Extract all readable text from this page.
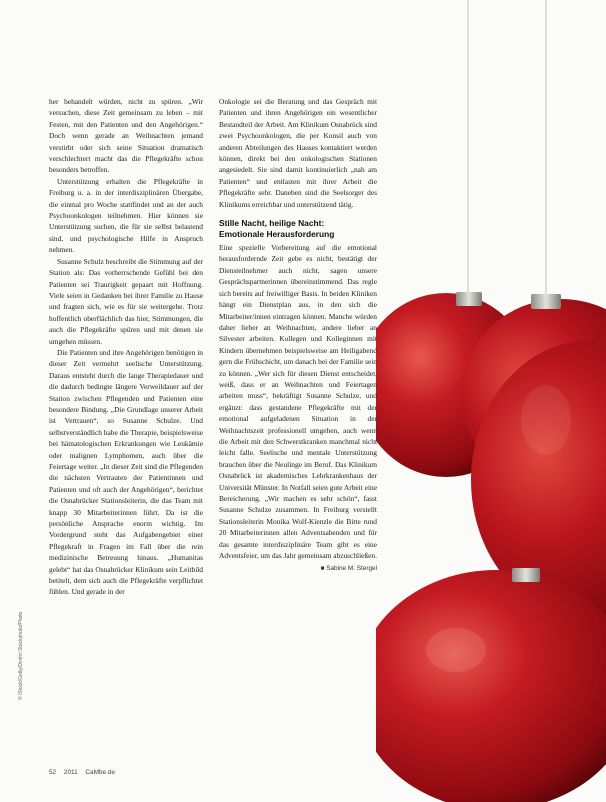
her behandelt würden, nicht zu spüren. „Wir versuchen, diese Zeit gemeinsam zu leben – mit Festen, mit den Patienten und den Angehörigen.“ Doch wenn gerade an Weihnachten jemand verstirbt oder sich seine Situation dramatisch verschlechtert macht das die Pflegekräfte schon besonders betroffen.

Unterstützung erhalten die Pflegekräfte in Freiburg u. a. in der interdisziplinären Übergabe, die einmal pro Woche stattfindet und an der auch Psychoonkologen teilnehmen. Hier können sie Unterstützung suchen, die für sie selbst belastend sind, und psychologische Hilfe in Anspruch nehmen.

Susanne Schulz beschreibt die Stimmung auf der Station als: Das vorherrschende Gefühl bei den Patienten sei Traurigkeit gepaart mit Hoffnung. Viele seien in Gedanken bei ihrer Familie zu Hause und fragten sich, wie es für sie weitergehe. Trotz hoffentlich oberflächlich das hier, Stimmungen, die auch die Pflegekräfte spüren und mit denen sie umgehen müssen.

Die Patienten und ihre Angehörigen benötigen in dieser Zeit vermehrt seelische Unterstützung. Daraus entsteht durch die lange Therapiedauer und die dadurch bedingte längere Verweildauer auf der Station zwischen Pflegenden und Patienten eine besondere Bindung. „Die Grundlage unserer Arbeit ist Vertrauen“, so Susanne Schulze. Und selbstverständlich habe die Therapie, beispielsweise bei hämatologischen Erkrankungen wie Leukämie oder malignen Lymphomen, auch über die Feiertage weiter. „In dieser Zeit sind die Pflegenden die nächsten Vertrauten der Patientinnen und Patienten und oft auch der Angehörigen“, berichtet die Osnabrücker Stationsleiterin, die das Team mit knapp 30 Mitarbeiterinnen führt. Da ist die persönliche Ansprache enorm wichtig. Im Vordergrund steht das Aufgabengebiet einer Pflegekraft in Fragen im Fall über die rein medizinische Betreuung hinaus. „Humanitas gelebt“ hat das Osnabrücker Klinikum sein Leitbild betitelt, dem sich auch die Pflegekräfte verpflichtet fühlen. Und gerade in der

Onkologie sei die Beratung und das Gespräch mit Patienten und ihren Angehörigen ein wesentlicher Bestandteil der Arbeit. Am Klinikum Osnabrück sind zwei Psychoonkologen, die per Konsil auch von anderen Abteilungen des Hauses kontaktiert werden können, direkt bei den onkologischen Stationen angesiedelt. Sie sind damit kontinuierlich „nah am Patienten“ und entlasten mit ihrer Arbeit die Pflegekräfte sehr. Daneben sind die Seelsorger des Klinikums erreichbar und unterstützend tätig.

Stille Nacht, heilige Nacht:
Emotionale Herausforderung

Eine spezielle Vorbereitung auf die emotional herausfordernde Zeit gebe es nicht, bestätigt der Diensteilnehmer auch nicht, sagen unsere Gesprächspartnerinnen übereinstimmend. Das regle sich bereits auf freiwilliger Basis. In beiden Kliniken hängt ein Dienstplan aus, in den sich die Mitarbeiter/innen eintragen können. Manche würden daher lieber an Weihnachten, andere lieber an Silvester arbeiten. Kollegen und Kolleginnen mit Kindern übernehmen beispielsweise am Heiligabend gern die Frühschicht, um danach bei der Familie sein zu können. „Wer sich für diesen Dienst entscheidet, weiß, dass er an Weihnachten und Feiertagen arbeiten muss“, bekräftigt Susanne Schulze, und ergänzt: dass gestandene Pflegekräfte mit der emotional aufgeladenen Situation in der Weihnachtszeit professionell umgehen, auch wenn die Arbeit mit den Schwerstkranken manchmal nicht leicht falle. Seelische und mentale Unterstützung brauchen über die Neulinge im Beruf. Das Klinikum Osnabrück ist akademisches Lehrkrankenhaus der Universität Münster. In Notfall seien gute Arbeit eine Bereicherung. „Wir machen es sehr schön“, fasst Susanne Schulze zusammen. In Freiburg verstellt Stationsleiterin Monika Wolf-Kienzle die Bitte rund 20 Mitarbeiterinnen allen Adventsabenden und für das gesamte interdisziplinäre Team gibt es eine Adventsfeier, um das Jahr gemeinsam abzuschließen.

■ Sabine M. Stergel
© iStock/Getty/Dimitri Stockphoto/Photo
52 2011 CaMbe.de
